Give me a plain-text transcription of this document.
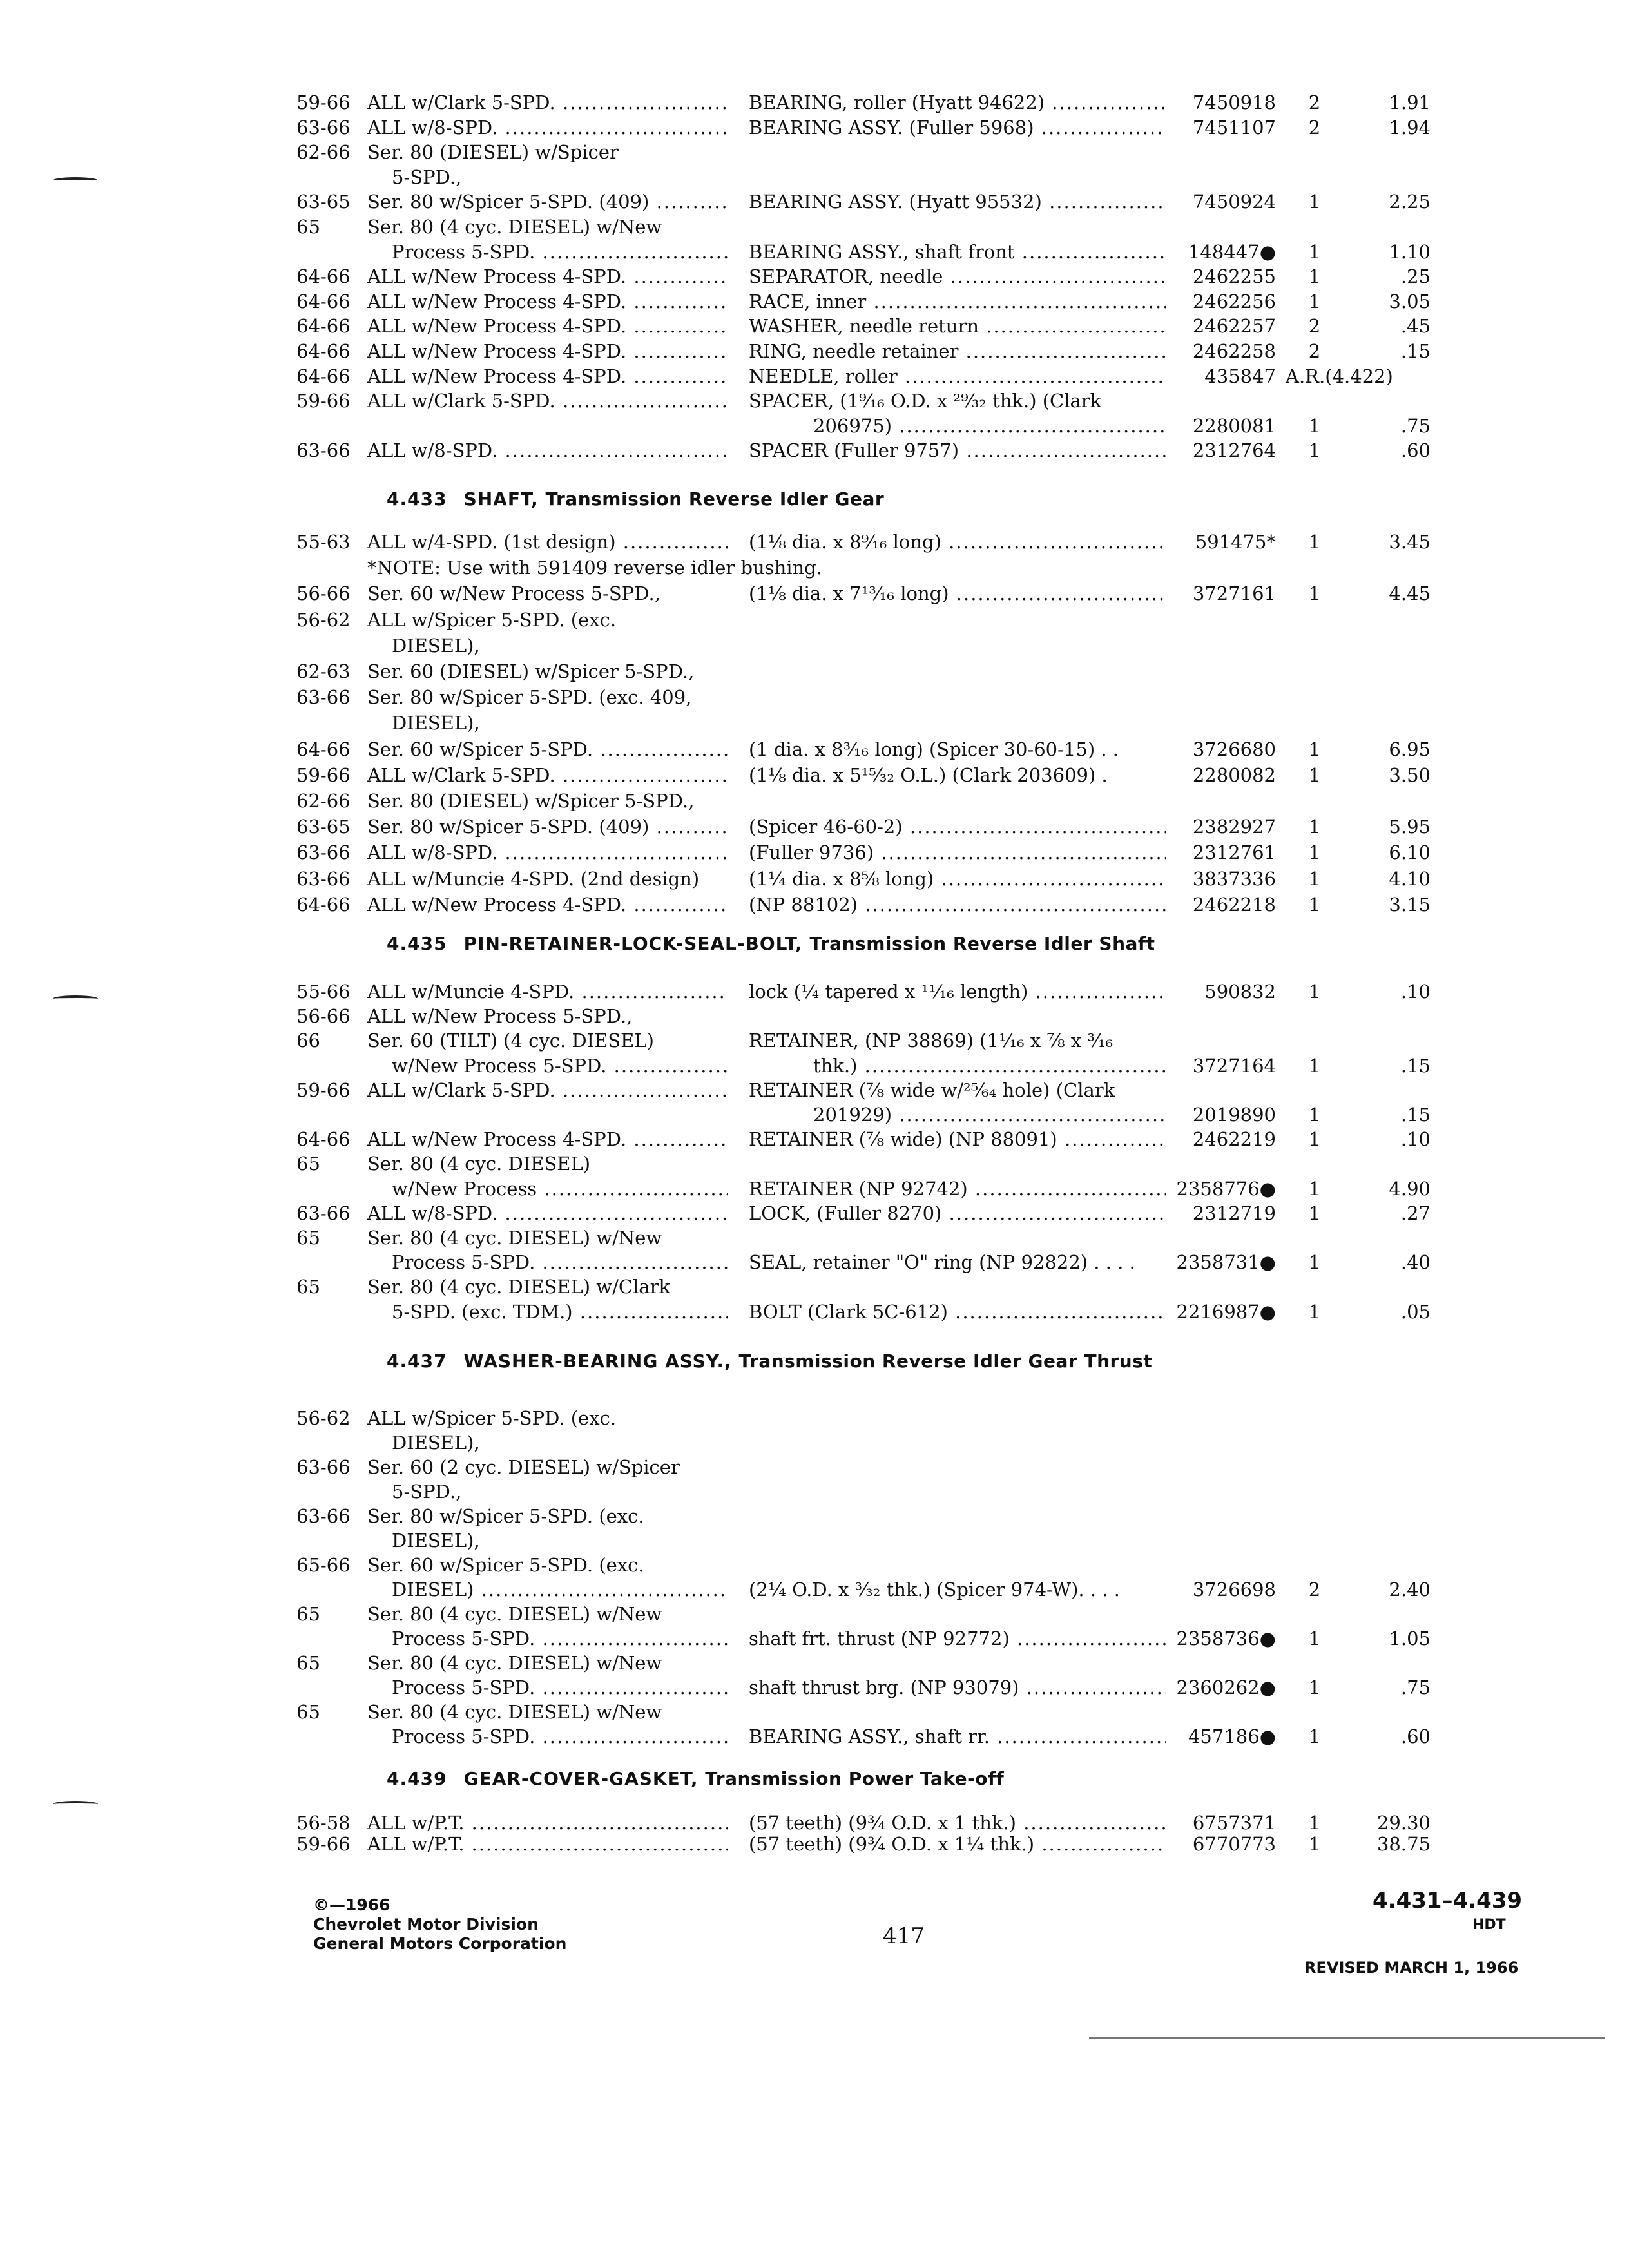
59-66 ALL w/Clark 5-SPD. .....	BEARING, roller (Hyatt 94622) .....	7450918	2	1.91
63-66 ALL w/8-SPD. .....	BEARING ASSY. (Fuller 5968) .....	7451107	2	1.94
62-66 Ser. 80 (DIESEL) w/Spicer
5-SPD.,
63-65 Ser. 80 w/Spicer 5-SPD. (409) .....	BEARING ASSY. (Hyatt 95532) .....	7450924	1	2.25
65	Ser. 80 (4 cyc. DIESEL) w/New
Process 5-SPD. .....	BEARING ASSY., shaft front .....	148447●	1	1.10
64-66 ALL w/New Process 4-SPD. .....	SEPARATOR, needle .....	2462255	1	.25
64-66 ALL w/New Process 4-SPD. .....	RACE, inner .....	2462256	1	3.05
64-66 ALL w/New Process 4-SPD. .....	WASHER, needle return .....	2462257	2	.45
64-66 ALL w/New Process 4-SPD. .....	RING, needle retainer .....	2462258	2	.15
64-66 ALL w/New Process 4-SPD. .....	NEEDLE, roller .....	435847 A.R.(4.422)
59-66 ALL w/Clark 5-SPD. .....	SPACER, (1⁹⁄₁₆ O.D. x ²⁹⁄₃₂ thk.) (Clark
206975) .....	2280081	1	.75
63-66 ALL w/8-SPD. .....	SPACER (Fuller 9757) .....	2312764	1	.60
55-63 ALL w/4-SPD. (1st design) .....	(1⅛ dia. x 8⁹⁄₁₆ long) .....	591475*	1	3.45
*NOTE: Use with 591409 reverse idler bushing.
56-66 Ser. 60 w/New Process 5-SPD.,	(1⅛ dia. x 7¹³⁄₁₆ long) .....	3727161	1	4.45
56-62 ALL w/Spicer 5-SPD. (exc.
DIESEL),
62-63 Ser. 60 (DIESEL) w/Spicer 5-SPD.,
63-66 Ser. 80 w/Spicer 5-SPD. (exc. 409,
DIESEL),
64-66 Ser. 60 w/Spicer 5-SPD. .....	(1 dia. x 8³⁄₁₆ long) (Spicer 30-60-15) . .	3726680	1	6.95
59-66 ALL w/Clark 5-SPD. .....	(1⅛ dia. x 5¹⁵⁄₃₂ O.L.) (Clark 203609) .	2280082	1	3.50
62-66 Ser. 80 (DIESEL) w/Spicer 5-SPD.,
63-65 Ser. 80 w/Spicer 5-SPD. (409) .....	(Spicer 46-60-2) .....	2382927	1	5.95
63-66 ALL w/8-SPD. .....	(Fuller 9736) .....	2312761	1	6.10
63-66 ALL w/Muncie 4-SPD. (2nd design)	(1¼ dia. x 8⅝ long) .....	3837336	1	4.10
64-66 ALL w/New Process 4-SPD. .....	(NP 88102) .....	2462218	1	3.15
55-66 ALL w/Muncie 4-SPD. .....	lock (¼ tapered x ¹¹⁄₁₆ length) .....	590832	1	.10
56-66 ALL w/New Process 5-SPD.,
66	Ser. 60 (TILT) (4 cyc. DIESEL)	RETAINER, (NP 38869) (1¹⁄₁₆ x ⅞ x ³⁄₁₆
w/New Process 5-SPD. .....	thk.) .....	3727164	1	.15
59-66 ALL w/Clark 5-SPD. .....	RETAINER (⅞ wide w/²⁵⁄₆₄ hole) (Clark
201929) .....	2019890	1	.15
64-66 ALL w/New Process 4-SPD. .....	RETAINER (⅞ wide) (NP 88091) .....	2462219	1	.10
65	Ser. 80 (4 cyc. DIESEL)
w/New Process .....	RETAINER (NP 92742) .....	2358776●	1	4.90
63-66 ALL w/8-SPD. .....	LOCK, (Fuller 8270) .....	2312719	1	.27
65	Ser. 80 (4 cyc. DIESEL) w/New
Process 5-SPD. .....	SEAL, retainer "O" ring (NP 92822) . . . .	2358731●	1	.40
65	Ser. 80 (4 cyc. DIESEL) w/Clark
5-SPD. (exc. TDM.) .....	BOLT (Clark 5C-612) .....	2216987●	1	.05
56-62 ALL w/Spicer 5-SPD. (exc.
DIESEL),
63-66 Ser. 60 (2 cyc. DIESEL) w/Spicer
5-SPD.,
63-66 Ser. 80 w/Spicer 5-SPD. (exc.
DIESEL),
65-66 Ser. 60 w/Spicer 5-SPD. (exc.
DIESEL) .....	(2¼ O.D. x ³⁄₃₂ thk.) (Spicer 974-W). . . .	3726698	2	2.40
65	Ser. 80 (4 cyc. DIESEL) w/New
Process 5-SPD. .....	shaft frt. thrust (NP 92772) .....	2358736●	1	1.05
65	Ser. 80 (4 cyc. DIESEL) w/New
Process 5-SPD. .....	shaft thrust brg. (NP 93079) .....	2360262●	1	.75
65	Ser. 80 (4 cyc. DIESEL) w/New
Process 5-SPD. .....	BEARING ASSY., shaft rr. .....	457186●	1	.60
56-58 ALL w/P.T. .....	(57 teeth) (9¾ O.D. x 1 thk.) .....	6757371	1	29.30
59-66 ALL w/P.T. .....	(57 teeth) (9¾ O.D. x 1¼ thk.) .....	6770773	1	38.75
4.433 SHAFT, Transmission Reverse Idler Gear
4.435 PIN-RETAINER-LOCK-SEAL-BOLT, Transmission Reverse Idler Shaft
4.437 WASHER-BEARING ASSY., Transmission Reverse Idler Gear Thrust
4.439 GEAR-COVER-GASKET, Transmission Power Take-off
©—1966
Chevrolet Motor Division
General Motors Corporation	417
4.431–4.439
HDT
REVISED MARCH 1, 1966
